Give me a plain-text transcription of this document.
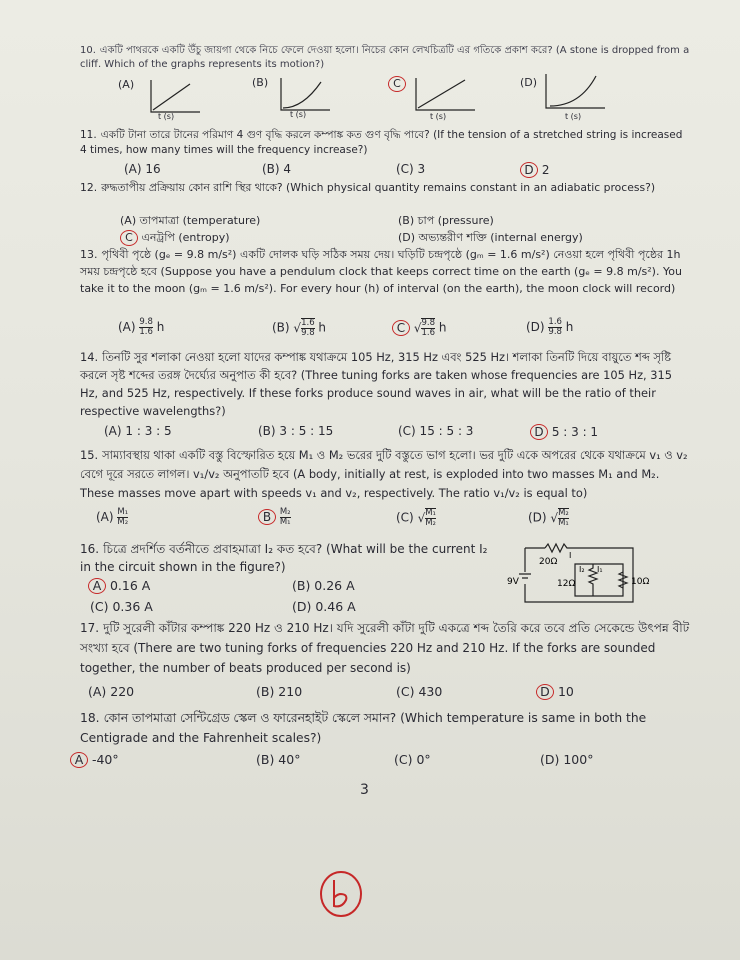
10. একটি পাথরকে একটি উঁচু জায়গা থেকে নিচে ফেলে দেওয়া হলো। নিচের কোন লেখচিত্রটি এর গতিকে প্রকাশ করে? (A stone is dropped from a cliff. Which of the graphs represents its motion?)
(A)
t (s)
(B)
t (s)
C
t (s)
(D)
t (s)
11. একটি টানা তারে টানের পরিমাণ 4 গুণ বৃদ্ধি করলে কম্পাঙ্ক কত গুণ বৃদ্ধি পাবে? (If the tension of a stretched string is increased 4 times, how many times will the frequency increase?)
(A) 16	(B) 4	(C) 3	D 2
12. রুদ্ধতাপীয় প্রক্রিয়ায় কোন রাশি স্থির থাকে? (Which physical quantity remains constant in an adiabatic process?)
(A) তাপমাত্রা (temperature)	(B) চাপ (pressure)
C এনট্রপি (entropy)	(D) অভ্যন্তরীণ শক্তি (internal energy)
13. পৃথিবী পৃষ্ঠে (gₑ = 9.8 m/s²) একটি দোলক ঘড়ি সঠিক সময় দেয়। ঘড়িটি চন্দ্রপৃষ্ঠে (gₘ = 1.6 m/s²) নেওয়া হলে পৃথিবী পৃষ্ঠের 1h সময় চন্দ্রপৃষ্ঠে হবে (Suppose you have a pendulum clock that keeps correct time on the earth (gₑ = 9.8 m/s²). You take it to the moon (gₘ = 1.6 m/s²). For every hour (h) of interval (on the earth), the moon clock will record)
$(A) \frac{9.8}{1.6}$ h	(B) √ $\frac{1.6}{9.8}$ h	C √ $\frac{9.8}{1.6}$ h	$(D) \frac{1.6}{9.8}$ h
14. তিনটি সুর শলাকা নেওয়া হলো যাদের কম্পাঙ্ক যথাক্রমে 105 Hz, 315 Hz এবং 525 Hz। শলাকা তিনটি দিয়ে বায়ুতে শব্দ সৃষ্টি করলে সৃষ্ট শব্দের তরঙ্গ দৈর্ঘ্যের অনুপাত কী হবে? (Three tuning forks are taken whose frequencies are 105 Hz, 315 Hz, and 525 Hz, respectively. If these forks produce sound waves in air, what will be the ratio of their respective wavelengths?)
(A) 1 : 3 : 5	(B) 3 : 5 : 15	(C) 15 : 5 : 3	D 5 : 3 : 1
15. সাম্যাবস্থায় থাকা একটি বস্তু বিস্ফোরিত হয়ে M₁ ও M₂ ভরের দুটি বস্তুতে ভাগ হলো। ভর দুটি একে অপরের থেকে যথাক্রমে v₁ ও v₂ বেগে দূরে সরতে লাগল। v₁/v₂ অনুপাতটি হবে (A body, initially at rest, is exploded into two masses M₁ and M₂. These masses move apart with speeds v₁ and v₂, respectively. The ratio v₁/v₂ is equal to)
$(A) \frac{\text{M₁}}{\text{M₂}}$	B $\frac{\text{M₂}}{\text{M₁}}$	(C) √ $\frac{\text{M₁}}{\text{M₂}}$	(D) √ $\frac{\text{M₂}}{\text{M₁}}$
16. চিত্রে প্রদর্শিত বর্তনীতে প্রবাহমাত্রা I₂ কত হবে? (What will be the current I₂ in the circuit shown in the figure?)
A 0.16 A	(B) 0.26 A
(C) 0.36 A	(D) 0.46 A
20Ω
12Ω	10Ω
9V
I
I₁
I₂
17. দুটি সুরেলী কাঁটার কম্পাঙ্ক 220 Hz ও 210 Hz। যদি সুরেলী কাঁটা দুটি একত্রে শব্দ তৈরি করে তবে প্রতি সেকেন্ডে উৎপন্ন বীট সংখ্যা হবে (There are two tuning forks of frequencies 220 Hz and 210 Hz. If the forks are sounded together, the number of beats produced per second is)
(A) 220	(B) 210	(C) 430	D 10
18. কোন তাপমাত্রা সেন্টিগ্রেড স্কেল ও ফারেনহাইট স্কেলে সমান? (Which temperature is same in both the Centigrade and the Fahrenheit scales?)
A -40°	(B) 40°	(C) 0°	(D) 100°
3
